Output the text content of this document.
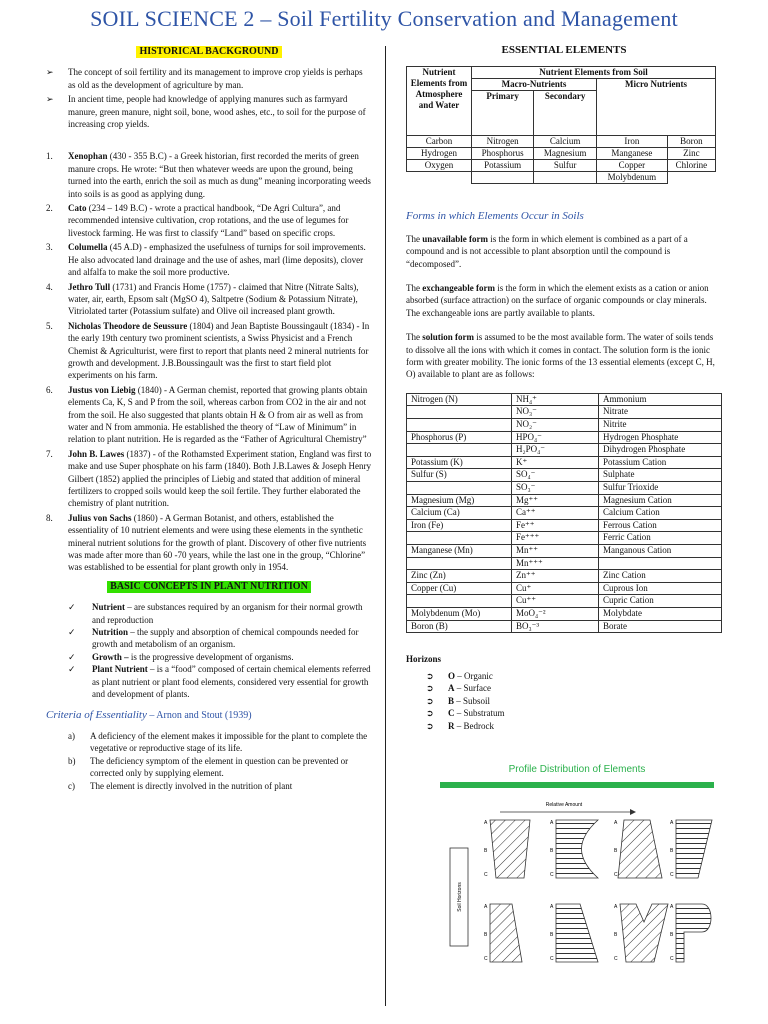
SOIL SCIENCE 2 – Soil Fertility Conservation and Management
HISTORICAL BACKGROUND
➢ The concept of soil fertility and its management to improve crop yields is perhaps as old as the development of agriculture by man.
➢ In ancient time, people had knowledge of applying manures such as farmyard manure, green manure, night soil, bone, wood ashes, etc., to soil for the purpose of increasing crop yields.
1. Xenophan (430 - 355 B.C) - a Greek historian, first recorded the merits of green manure crops. He wrote: “But then whatever weeds are upon the ground, being turned into the earth, enrich the soil as much as dung” meaning incorporating weeds into soils is as good as applying dung.
2. Cato (234 – 149 B.C) - wrote a practical handbook, “De Agri Cultura”, and recommended intensive cultivation, crop rotations, and the use of legumes for livestock farming. He was first to classify “Land” based on specific crops.
3. Columella (45 A.D) - emphasized the usefulness of turnips for soil improvements. He also advocated land drainage and the use of ashes, marl (lime deposits), clover and alfalfa to make the soil more productive.
4. Jethro Tull (1731) and Francis Home (1757) - claimed that Nitre (Nitrate Salts), water, air, earth, Epsom salt (MgSO 4), Saltpetre (Sodium & Potassium Nitrate), Vitriolated tarter (Potassium sulfate) and Olive oil increased plant growth.
5. Nicholas Theodore de Seussure (1804) and Jean Baptiste Boussingault (1834) - In the early 19th century two prominent scientists, a Swiss Physicist and a French Chemist & Agriculturist, were first to report that plants need 2 mineral nutrients for growth and development. J.B.Boussingault was the first to start field plot experiments on his farm.
6. Justus von Liebig (1840) - A German chemist, reported that growing plants obtain elements Ca, K, S and P from the soil, whereas carbon from CO2 in the air and not from the soil. He also suggested that plants obtain H & O from air as well as from water and N from ammonia. He established the theory of “Law of Minimum” in relation to plant nutrition. He is regarded as the “Father of Agricultural Chemistry”
7. John B. Lawes (1837) - of the Rothamsted Experiment station, England was first to make and use Super phosphate on his farm (1840). Both J.B.Lawes & Joseph Henry Gilbert (1852) applied the principles of Liebig and stated that addition of mineral fertilizers to cropped soils would keep the soil fertile. They further elaborated the chemistry of plant nutrition.
8. Julius von Sachs (1860) - A German Botanist, and others, established the essentiality of 10 nutrient elements and were using these elements in the synthetic mineral nutrient solutions for the growth of plant. Discovery of other five nutrients was made after more than 60 -70 years, while the last one in the group, “Chlorine” was established to be essential for plant growth only in 1954.
BASIC CONCEPTS IN PLANT NUTRITION
✓ Nutrient – are substances required by an organism for their normal growth and reproduction
✓ Nutrition – the supply and absorption of chemical compounds needed for growth and metabolism of an organism.
✓ Growth – is the progressive development of organisms.
✓ Plant Nutrient – is a “food” composed of certain chemical elements referred as plant nutrient or plant food elements, considered very essential for growth and development of plants.
Criteria of Essentiality – Arnon and Stout (1939)
a) A deficiency of the element makes it impossible for the plant to complete the vegetative or reproductive stage of its life.
b) The deficiency symptom of the element in question can be prevented or corrected only by supplying element.
c) The element is directly involved in the nutrition of plant
ESSENTIAL ELEMENTS
Nutrient Elements from Atmosphere and Water	Nutrient Elements from Soil			
	Macro-Nutrients		Micro Nutrients	
	Primary	Secondary		
Carbon	Nitrogen	Calcium	Iron	Boron
Hydrogen	Phosphorus	Magnesium	Manganese	Zinc
Oxygen	Potassium	Sulfur	Copper	Chlorine
			Molybdenum	
Forms in which Elements Occur in Soils

The unavailable form is the form in which element is combined as a part of a compound and is not accessible to plant absorption until the compound is “decomposed”.

The exchangeable form is the form in which the element exists as a cation or anion absorbed (surface attraction) on the surface of organic compounds or clay minerals. The exchangeable ions are partly available to plants.

The solution form is assumed to be the most available form. The water of soils tends to dissolve all the ions with which it comes in contact. The solution form is the ionic form with greater mobility. The ionic forms of the 13 essential elements (except C, H, O) available to plant are as follows:

Nitrogen (N)	NH₄⁺	Ammonium
	NO₃⁻	Nitrate
	NO₂⁻	Nitrite
Phosphorus (P)	HPO₄⁻	Hydrogen Phosphate
	H₂PO₄⁻	Dihydrogen Phosphate
Potassium (K)	K⁺	Potassium Cation
Sulfur (S)	SO₄⁻	Sulphate
	SO₃⁻	Sulfur Trioxide
Magnesium (Mg)	Mg⁺⁺	Magnesium Cation
Calcium (Ca)	Ca⁺⁺	Calcium Cation
Iron (Fe)	Fe⁺⁺	Ferrous Cation
	Fe⁺⁺⁺	Ferric Cation
Manganese (Mn)	Mn⁺⁺	Manganous Cation
	Mn⁺⁺⁺	
Zinc (Zn)	Zn⁺⁺	Zinc Cation
Copper (Cu)	Cu⁺	Cuprous Ion
	Cu⁺⁺	Cupric Cation
Molybdenum (Mo)	MoO₄⁻²	Molybdate
Boron (B)	BO₃⁻³	Borate
Horizons
➲ O – Organic
➲ A – Surface
➲ B – Subsoil
➲ C – Substratum
➲ R – Bedrock
Profile Distribution of Elements
Relative Amount
Soil Horizons
A
B
C
A
B
C
A
B
C
A
B
C
A
B
C
A
B
C
A
B
C
A
B
C
